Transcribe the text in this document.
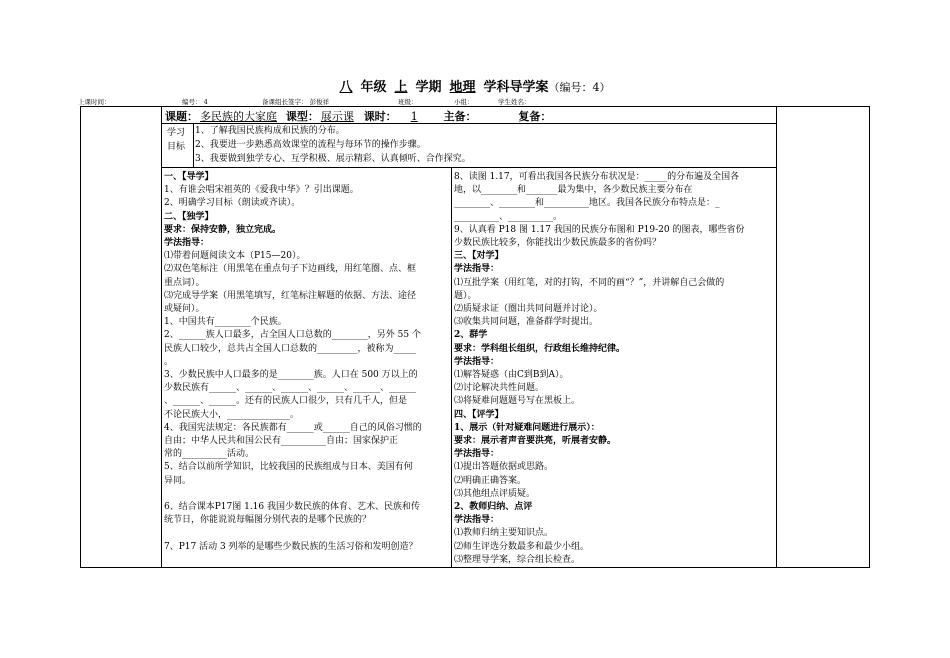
八 年级 上 学期 地理 学科导学案（编号：4）
上课时间：	编号： 4	备课组长签字： 彭俊祥	班级：	小组：	学生姓名：
课题： 多民族的大家庭 课型： 展示课 课时： 1 主备：	复备：
学习目标
1、了解我国民族构成和民族的分布。
2、我要进一步熟悉高效课堂的流程与每环节的操作步骤。
3、我要做到独学专心、互学积极、展示精彩、认真倾听、合作探究。

一、【导学】

1、有谁会唱宋祖英的《爱我中华》？引出课题。

2、明确学习目标（朗读或齐读）。

二、【独学】

要求：保持安静，独立完成。

学法指导：

⑴带着问题阅读文本（P15—20）。

⑵双色笔标注（用黑笔在重点句子下边画线，用红笔圈、点、框

重点词）。

⑶完成导学案（用黑笔填写，红笔标注解题的依据、方法、途径

或疑问）。

1、中国共有________个民族。

2、______族人口最多，占全国人口总数的________，另外 55 个

民族人口较少，总共占全国人口总数的_________，被称为_____

。

3、少数民族中人口最多的是________族。人口在 500 万以上的

少数民族有______、______、______、______、______、______

、______、______。还有的民族人口很少，只有几千人，但是

不论民族大小，______________。

4、我国宪法规定：各民族都有______或______自己的风俗习惯的

自由；中华人民共和国公民有__________自由；国家保护正

常的__________活动。

5、结合以前所学知识，比较我国的民族组成与日本、美国有何

异同。

6、结合课本P17图 1.16 我国少数民族的体育、艺术、民族和传

统节日，你能说说每幅图分别代表的是哪个民族的？

7、P17 活动 3 列举的是哪些少数民族的生活习俗和发明创造？

8、读图 1.17，可看出我国各民族分布状况是：_____的分布遍及全国各

地，以________和_______最为集中，各少数民族主要分布在

________、________和__________地区。我国各民族分布特点是：_

__________、__________。

9、认真看 P18 图 1.17 我国的民族分布图和 P19-20 的图表，哪些省份

少数民族比较多，你能找出少数民族最多的省份吗？

三、【对学】

学法指导：

⑴互批学案（用红笔，对的打钩，不同的画“？”，并讲解自己会做的

题）。

⑵质疑求证（圈出共同问题并讨论）。

⑶收集共同问题，准备群学时提出。

2、群学

要求：学科组长组织，行政组长维持纪律。

学法指导：

⑴解答疑惑（由C到B到A）。

⑵讨论解决共性问题。

⑶将疑难问题题号写在黑板上。

四、【评学】

1、展示（针对疑难问题进行展示）：

要求：展示者声音要洪亮，听展者安静。

学法指导：

⑴提出答题依据或思路。

⑵明确正确答案。

⑶其他组点评质疑。

2、教师归纳、点评

学法指导：

⑴教师归纳主要知识点。

⑵师生评选分数最多和最少小组。

⑶整理导学案，综合组长检查。
